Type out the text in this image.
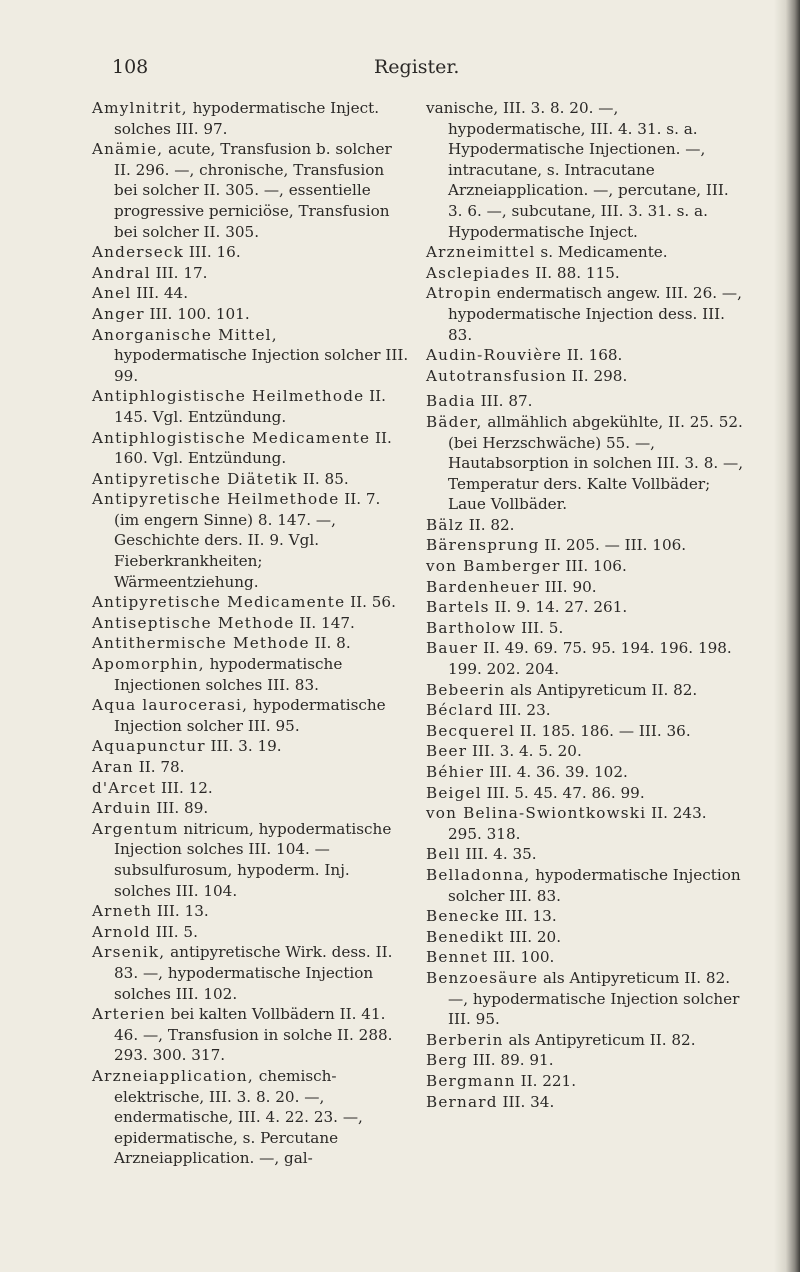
108	Register.

Amylnitrit, hypodermatische Inject. solches III. 97.

Anämie, acute, Transfusion b. solcher II. 296. —, chronische, Transfusion bei solcher II. 305. —, essentielle progressive perniciöse, Transfusion bei solcher II. 305.

Anderseck III. 16.

Andral III. 17.

Anel III. 44.

Anger III. 100. 101.

Anorganische Mittel, hypodermatische Injection solcher III. 99.

Antiphlogistische Heilmethode II. 145. Vgl. Entzündung.

Antiphlogistische Medicamente II. 160. Vgl. Entzündung.

Antipyretische Diätetik II. 85.

Antipyretische Heilmethode II. 7. (im engern Sinne) 8. 147. —, Geschichte ders. II. 9. Vgl. Fieberkrankheiten; Wärmeentziehung.

Antipyretische Medicamente II. 56.

Antiseptische Methode II. 147.

Antithermische Methode II. 8.

Apomorphin, hypodermatische Injectionen solches III. 83.

Aqua laurocerasi, hypodermatische Injection solcher III. 95.

Aquapunctur III. 3. 19.

Aran II. 78.

d'Arcet III. 12.

Arduin III. 89.

Argentum nitricum, hypodermatische Injection solches III. 104. — subsulfurosum, hypoderm. Inj. solches III. 104.

Arneth III. 13.

Arnold III. 5.

Arsenik, antipyretische Wirk. dess. II. 83. —, hypodermatische Injection solches III. 102.

Arterien bei kalten Vollbädern II. 41. 46. —, Transfusion in solche II. 288. 293. 300. 317.

Arzneiapplication, chemisch-elektrische, III. 3. 8. 20. —, endermatische, III. 4. 22. 23. —, epidermatische, s. Percutane Arzneiapplication. —, gal-

vanische, III. 3. 8. 20. —, hypodermatische, III. 4. 31. s. a. Hypodermatische Injectionen. —, intracutane, s. Intracutane Arzneiapplication. —, percutane, III. 3. 6. —, subcutane, III. 3. 31. s. a. Hypodermatische Inject.

Arzneimittel s. Medicamente.

Asclepiades II. 88. 115.

Atropin endermatisch angew. III. 26. —, hypodermatische Injection dess. III. 83.

Audin-Rouvière II. 168.

Autotransfusion II. 298.

Badia III. 87.

Bäder, allmählich abgekühlte, II. 25. 52. (bei Herzschwäche) 55. —, Hautabsorption in solchen III. 3. 8. —, Temperatur ders. Kalte Vollbäder; Laue Vollbäder.

Bälz II. 82.

Bärensprung II. 205. — III. 106.

von Bamberger III. 106.

Bardenheuer III. 90.

Bartels II. 9. 14. 27. 261.

Bartholow III. 5.

Bauer II. 49. 69. 75. 95. 194. 196. 198. 199. 202. 204.

Bebeerin als Antipyreticum II. 82.

Béclard III. 23.

Becquerel II. 185. 186. — III. 36.

Beer III. 3. 4. 5. 20.

Béhier III. 4. 36. 39. 102.

Beigel III. 5. 45. 47. 86. 99.

von Belina-Swiontkowski II. 243. 295. 318.

Bell III. 4. 35.

Belladonna, hypodermatische Injection solcher III. 83.

Benecke III. 13.

Benedikt III. 20.

Bennet III. 100.

Benzoesäure als Antipyreticum II. 82. —, hypodermatische Injection solcher III. 95.

Berberin als Antipyreticum II. 82.

Berg III. 89. 91.

Bergmann II. 221.

Bernard III. 34.
